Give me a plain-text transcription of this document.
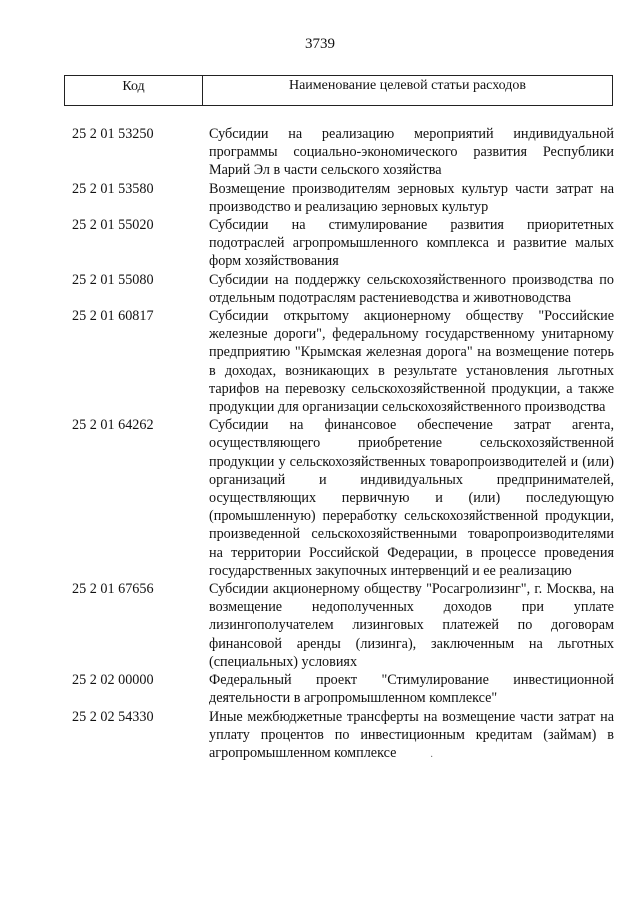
3739
Код	Наименование целевой статьи расходов
25 2 01 53250	Субсидии на реализацию мероприятий индивидуальной программы социально-экономического развития Республики Марий Эл в части сельского хозяйства
25 2 01 53580	Возмещение производителям зерновых культур части затрат на производство и реализацию зерновых культур
25 2 01 55020	Субсидии на стимулирование развития приоритетных подотраслей агропромышленного комплекса и развитие малых форм хозяйствования
25 2 01 55080	Субсидии на поддержку сельскохозяйственного производства по отдельным подотраслям растениеводства и животноводства
25 2 01 60817	Субсидии открытому акционерному обществу "Российские железные дороги", федеральному государственному унитарному предприятию "Крымская железная дорога" на возмещение потерь в доходах, возникающих в результате установления льготных тарифов на перевозку сельскохозяйственной продукции, а также продукции для организации сельскохозяйственного производства
25 2 01 64262	Субсидии на финансовое обеспечение затрат агента, осуществляющего приобретение сельскохозяйственной продукции у сельскохозяйственных товаропроизводителей и (или) организаций и индивидуальных предпринимателей, осуществляющих первичную и (или) последующую (промышленную) переработку сельскохозяйственной продукции, произведенной сельскохозяйственными товаропроизводителями на территории Российской Федерации, в процессе проведения государственных закупочных интервенций и ее реализацию
25 2 01 67656	Субсидии акционерному обществу "Росагролизинг", г. Москва, на возмещение недополученных доходов при уплате лизингополучателем лизинговых платежей по договорам финансовой аренды (лизинга), заключенным на льготных (специальных) условиях
25 2 02 00000	Федеральный проект "Стимулирование инвестиционной деятельности в агропромышленном комплексе"
25 2 02 54330	Иные межбюджетные трансферты на возмещение части затрат на уплату процентов по инвестиционным кредитам (займам) в агропромышленном комплексе	·
